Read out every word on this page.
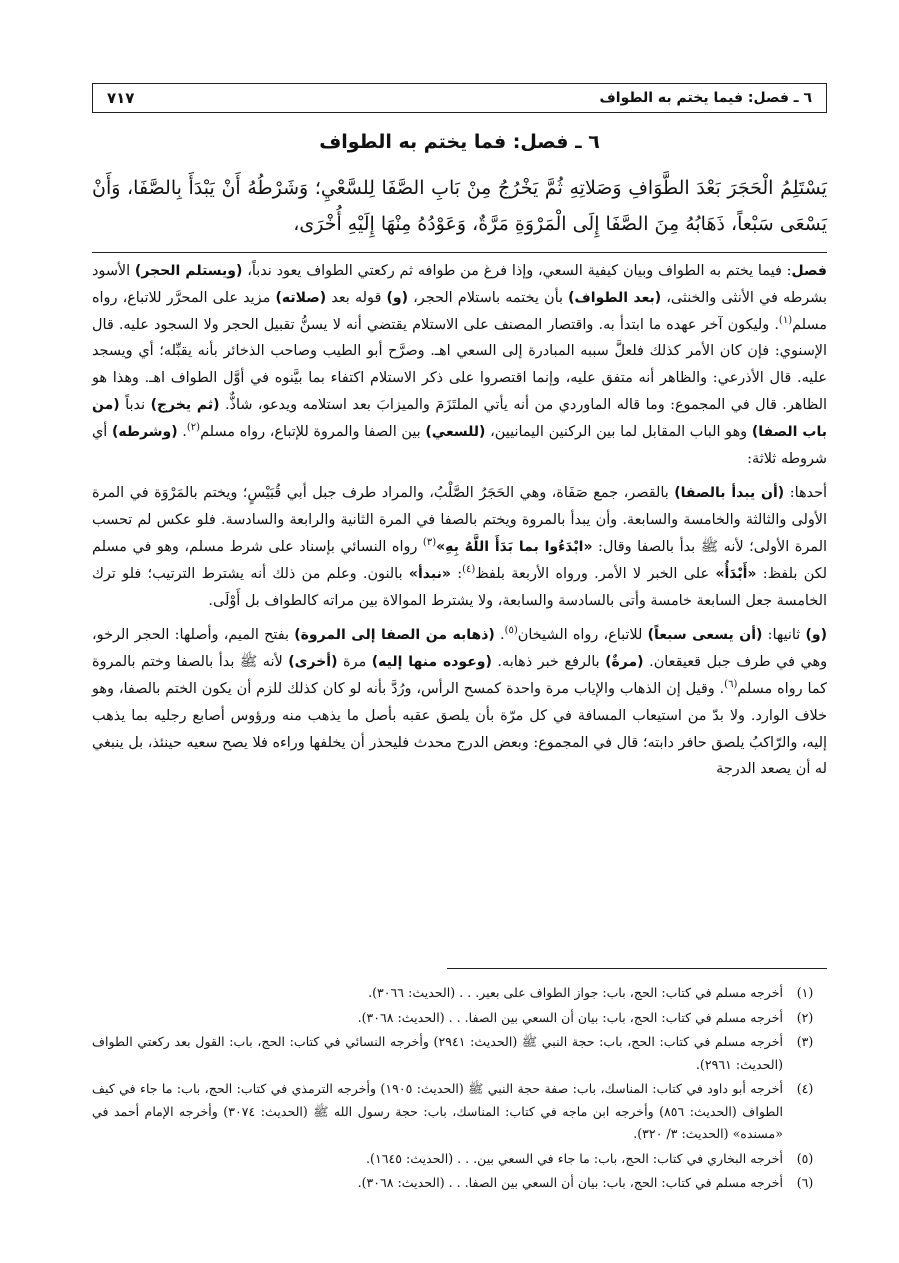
٦ ـ فصل: فيما يختم به الطواف
٧١٧
٦ ـ فصل: فما يختم به الطواف
يَسْتَلِمُ الْحَجَرَ بَعْدَ الطَّوَافِ وَصَلاتِهِ ثُمَّ يَخْرُجُ مِنْ بَابِ الصَّفَا لِلسَّعْيِ؛ وَشَرْطُهُ أَنْ يَبْدَأَ بِالصَّفَا، وَأَنْ يَسْعَى سَبْعاً، ذَهَابُهُ مِنَ الصَّفَا إِلَى الْمَرْوَةِ مَرَّةٌ، وَعَوْدُهُ مِنْهَا إِلَيْهِ أُخْرَى،

فصل: فيما يختم به الطواف وبيان كيفية السعي، وإذا فرغ من طوافه ثم ركعتي الطواف يعود ندباً، (ويستلم الحجر) الأسود بشرطه في الأنثى والخنثى، (بعد الطواف) بأن يختمه باستلام الحجر، (و) قوله بعد (صلاته) مزيد على المحرَّر للاتباع، رواه مسلم$^{(١)}$. وليكون آخر عهده ما ابتدأ به. واقتصار المصنف على الاستلام يقتضي أنه لا يسنُّ تقبيل الحجر ولا السجود عليه. قال الإسنوي: فإن كان الأمر كذلك فلعلَّ سببه المبادرة إلى السعي اهـ. وصرَّح أبو الطيب وصاحب الذخائر بأنه يقبِّله؛ أي ويسجد عليه. قال الأذرعي: والظاهر أنه متفق عليه، وإنما اقتصروا على ذكر الاستلام اكتفاء بما بيَّنوه في أوَّل الطواف اهـ. وهذا هو الظاهر. قال في المجموع: وما قاله الماوردي من أنه يأتي الملتَزَمَ والميزابَ بعد استلامه ويدعو، شاذٌّ. (ثم يخرج) ندباً (من باب الصفا) وهو الباب المقابل لما بين الركنين اليمانيين، (للسعي) بين الصفا والمروة للإتباع، رواه مسلم$^{(٢)}$. (وشرطه) أي شروطه ثلاثة:

أحدها: (أن يبدأ بالصفا) بالقصر، جمع صَفَاة، وهي الحَجَرُ الصَّلْبُ، والمراد طرف جبل أبي قُبَيْسٍ؛ ويختم بالمَرْوَة في المرة الأولى والثالثة والخامسة والسابعة. وأن يبدأ بالمروة ويختم بالصفا في المرة الثانية والرابعة والسادسة. فلو عكس لم تحسب المرة الأولى؛ لأنه ﷺ بدأ بالصفا وقال: «ابْدَءُوا بما بَدَأَ اللَّهُ بِهِ»$^{(٣)}$ رواه النسائي بإسناد على شرط مسلم، وهو في مسلم لكن بلفظ: «أَبْدَأُ» على الخبر لا الأمر. ورواه الأربعة بلفظ$^{(٤)}$: «نبدأ» بالنون. وعلم من ذلك أنه يشترط الترتيب؛ فلو ترك الخامسة جعل السابعة خامسة وأتى بالسادسة والسابعة، ولا يشترط الموالاة بين مراته كالطواف بل أَوْلَى.

(و) ثانيها: (أن يسعى سبعاً) للاتباع، رواه الشيخان$^{(٥)}$. (ذهابه من الصفا إلى المروة) بفتح الميم، وأصلها: الحجر الرخو، وهي في طرف جبل قعيقعان. (مرةٌ) بالرفع خبر ذهابه. (وعوده منها إليه) مرة (أخرى) لأنه ﷺ بدأ بالصفا وختم بالمروة كما رواه مسلم$^{(٦)}$. وقيل إن الذهاب والإياب مرة واحدة كمسح الرأس، ورُدَّ بأنه لو كان كذلك للزم أن يكون الختم بالصفا، وهو خلاف الوارد. ولا بدّ من استيعاب المسافة في كل مرّة بأن يلصق عقبه بأصل ما يذهب منه ورؤوس أصابع رجليه بما يذهب إليه، والرّاكبُ يلصق حافر دابته؛ قال في المجموع: وبعض الدرج محدث فليحذر أن يخلفها وراءه فلا يصح سعيه حينئذ، بل ينبغي له أن يصعد الدرجة

(١)
أخرجه مسلم في كتاب: الحج، باب: جواز الطواف على بعير. . . (الحديث: ٣٠٦٦).
(٢)
أخرجه مسلم في كتاب: الحج، باب: بيان أن السعي بين الصفا. . . (الحديث: ٣٠٦٨).
(٣)
أخرجه مسلم في كتاب: الحج، باب: حجة النبي ﷺ (الحديث: ٢٩٤١) وأخرجه النسائي في كتاب: الحج، باب: القول بعد ركعتي الطواف (الحديث: ٢٩٦١).
(٤)
أخرجه أبو داود في كتاب: المناسك، باب: صفة حجة النبي ﷺ (الحديث: ١٩٠٥) وأخرجه الترمذي في كتاب: الحج، باب: ما جاء في كيف الطواف (الحديث: ٨٥٦) وأخرجه ابن ماجه في كتاب: المناسك، باب: حجة رسول الله ﷺ (الحديث: ٣٠٧٤) وأخرجه الإمام أحمد في «مسنده» (الحديث: ٣/ ٣٢٠).
(٥)
أخرجه البخاري في كتاب: الحج، باب: ما جاء في السعي بين. . . (الحديث: ١٦٤٥).
(٦)
أخرجه مسلم في كتاب: الحج، باب: بيان أن السعي بين الصفا. . . (الحديث: ٣٠٦٨).
